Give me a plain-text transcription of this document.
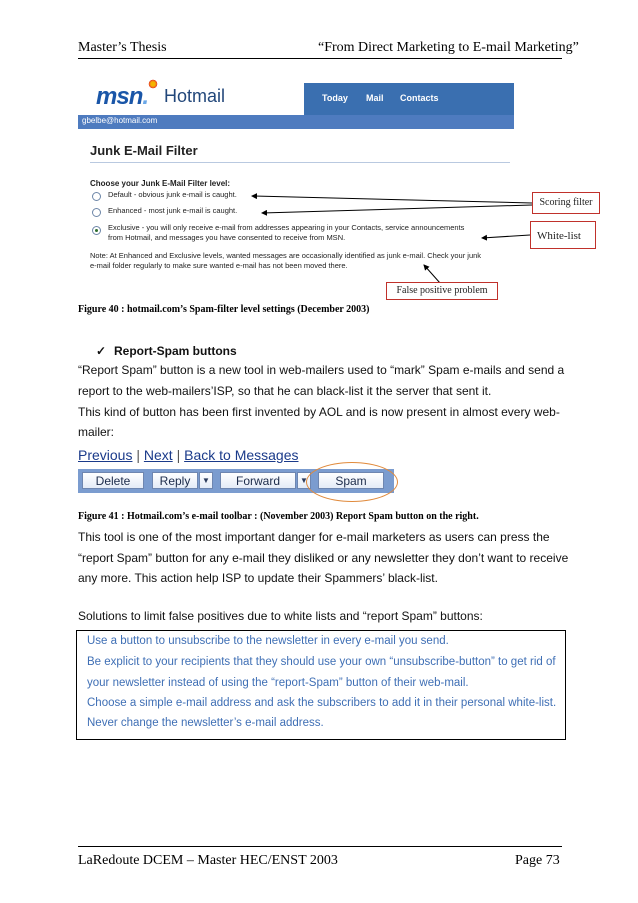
Master’s Thesis	“From Direct Marketing to E-mail Marketing”
msn. Hotmail	Today Mail Contacts
gbelbe@hotmail.com
Junk E-Mail Filter
Choose your Junk E-Mail Filter level:
Default - obvious junk e-mail is caught.
Enhanced - most junk e-mail is caught.
Exclusive - you will only receive e-mail from addresses appearing in your Contacts, service announcements
from Hotmail, and messages you have consented to receive from MSN.
Note: At Enhanced and Exclusive levels, wanted messages are occasionally identified as junk e-mail. Check your junk
e-mail folder regularly to make sure wanted e-mail has not been moved there.
Scoring filter
White-list
False positive problem
Figure 40 : hotmail.com’s Spam-filter level settings (December 2003)
✓ Report-Spam buttons
“Report Spam” button is a new tool in web-mailers used to “mark” Spam e-mails and send a
report to the web-mailers’ISP, so that he can black-list it the server that sent it.
This kind of button has been first invented by AOL and is now present in almost every web-
mailer:
Previous | Next | Back to Messages
Delete	Reply	▼	Forward	▼	Spam
Figure 41 : Hotmail.com’s e-mail toolbar : (November 2003) Report Spam button on the right.
This tool is one of the most important danger for e-mail marketers as users can press the
“report Spam” button for any e-mail they disliked or any newsletter they don’t want to receive
any more. This action help ISP to update their Spammers’ black-list.
Solutions to limit false positives due to white lists and “report Spam” buttons:
Use a button to unsubscribe to the newsletter in every e-mail you send.
Be explicit to your recipients that they should use your own “unsubscribe-button” to get rid of
your newsletter instead of using the “report-Spam” button of their web-mail.
Choose a simple e-mail address and ask the subscribers to add it in their personal white-list.
Never change the newsletter’s e-mail address.
LaRedoute DCEM – Master HEC/ENST 2003	Page 73
